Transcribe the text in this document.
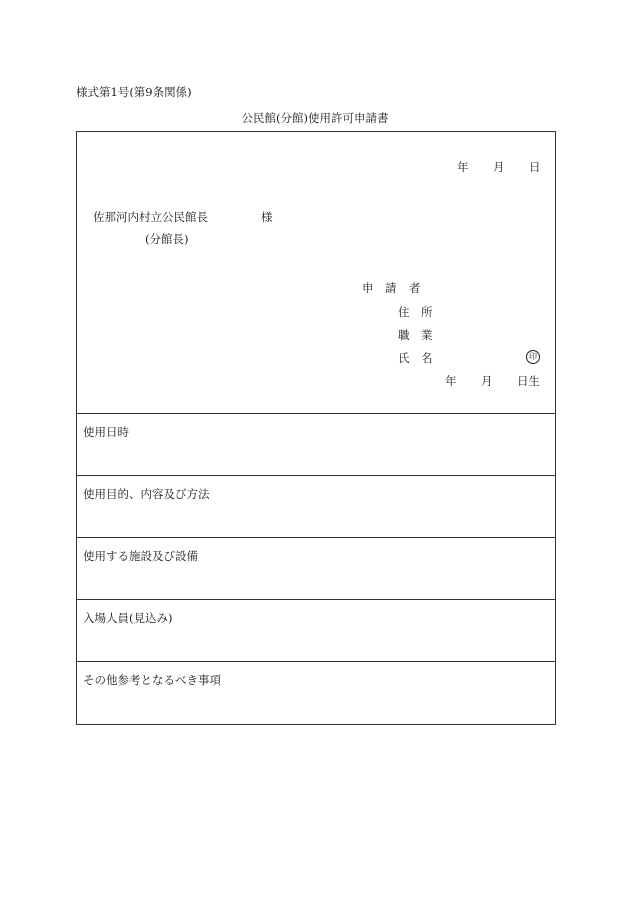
様式第1号(第9条関係)
公民館(分館)使用許可申請書
年 月 日
佐那河内村立公民館長	様
(分館長)
申 請 者
住 所
職 業
氏 名	印
年 月 日生
使用日時
使用目的、内容及び方法
使用する施設及び設備
入場人員(見込み)
その他参考となるべき事項
